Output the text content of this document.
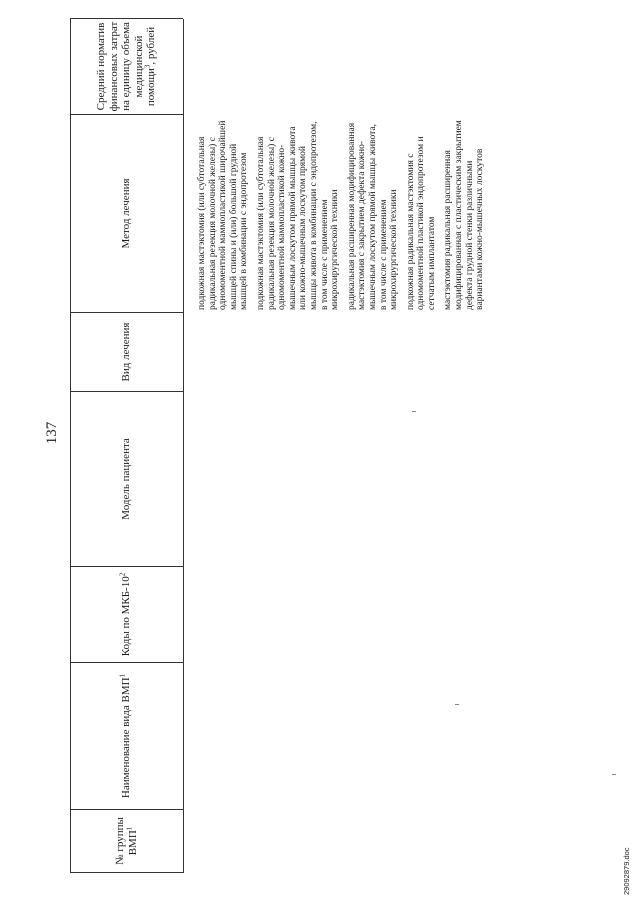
137
№ группы ВМП$^1$
Наименование вида ВМП$^1$
Коды по МКБ-$10^2$
Модель пациента
Вид лечения
Метод лечения
Средний норматив финансовых затрат на единицу объема медицинской помощи$^3$, рублей
подкожная мастэктомия (или субтотальная радикальная резекция молочной железы) с одномоментной маммопластикой широчайшей мышцей спины и (или) большой грудной мышцей в комбинации с эндопротезом подкожная мастэктомия (или субтотальная радикальная резекция молочной железы) с одномоментной маммопластикой кожно-мышечным лоскутом прямой мышцы живота или кожно-мышечным лоскутом прямой мышцы живота в комбинации с эндопротезом, в том числе с применением микрохирургической техники радикальная расширенная модифицированная мастэктомия с закрытием дефекта кожно-мышечным лоскутом прямой мышцы живота, в том числе с применением микрохирургической техники подкожная радикальная мастэктомия с одномоментной пластикой эндопротезом и сетчатым имплантатом мастэктомия радикальная расширенная модифицированная с пластическим закрытием дефекта грудной стенки различными вариантами кожно-мышечных лоскутов
29092879.doc
